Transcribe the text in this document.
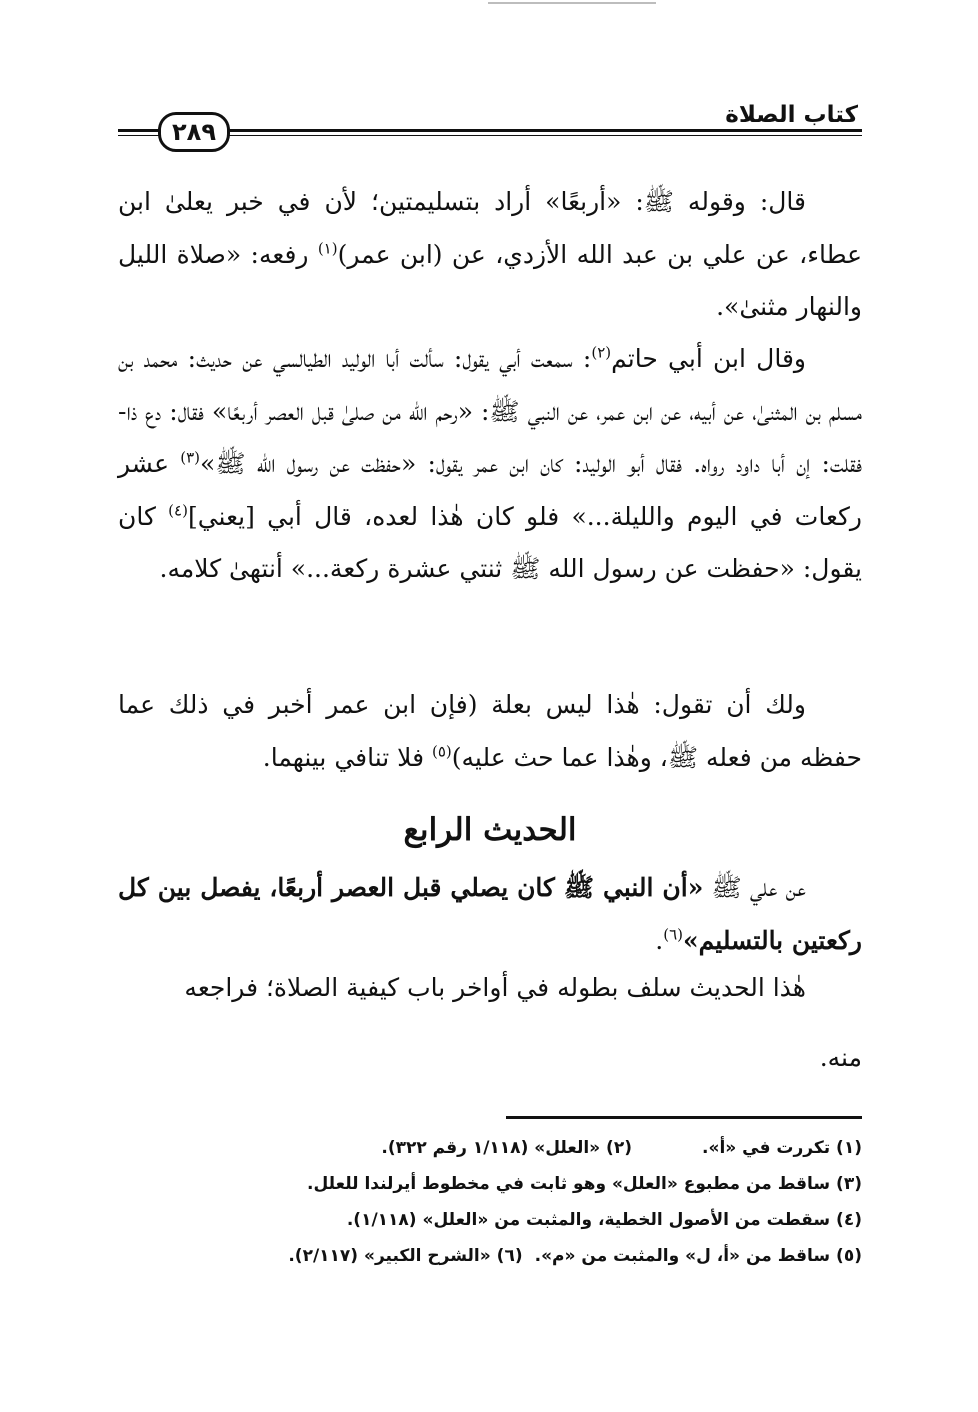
كتاب الصلاة
٢٨٩

قال: وقوله ﷺ: «أربعًا» أراد بتسليمتين؛ لأن في خبر يعلىٰ ابن عطاء، عن علي بن عبد الله الأزدي، عن (ابن عمر)$^{(١)}$ رفعه: «صلاة الليل والنهار مثنىٰ».

وقال ابن أبي حاتم$^{(٢)}$: سمعت أبي يقول: سألت أبا الوليد الطيالسي عن حديث: محمد بن مسلم بن المثنىٰ، عن أبيه، عن ابن عمر، عن النبي ﷺ: «رحم الله من صلىٰ قبل العصر أربعًا» فقال: دع ذا- فقلت: إن أبا داود رواه. فقال أبو الوليد: كان ابن عمر يقول: «حفظت عن رسول الله ﷺ»$^{(٣)}$ عشر ركعات في اليوم والليلة...» فلو كان هٰذا لعده، قال أبي [يعني]$^{(٤)}$ كان يقول: «حفظت عن رسول الله ﷺ ثنتي عشرة ركعة...» أنتهىٰ كلامه.

ولك أن تقول: هٰذا ليس بعلة (فإن ابن عمر أخبر في ذلك عما حفظه من فعله ﷺ، وهٰذا عما حث عليه)$^{(٥)}$ فلا تنافي بينهما.

الحديث الرابع

عن علي ﷺ «أن النبي ﷺ كان يصلي قبل العصر أربعًا، يفصل بين كل ركعتين بالتسليم»$^{(٦)}$.

هٰذا الحديث سلف بطوله في أواخر باب كيفية الصلاة؛ فراجعه

منه.

(١) تكررت في «أ».(٢) «العلل» (١/١١٨ رقم ٣٢٢).
(٣) ساقط من مطبوع «العلل» وهو ثابت في مخطوط أيرلندا للعلل.
(٤) سقطت من الأصول الخطية، والمثبت من «العلل» (١/١١٨).
(٥) ساقط من «أ، ل» والمثبت من «م».(٦) «الشرح الكبير» (٢/١١٧).
